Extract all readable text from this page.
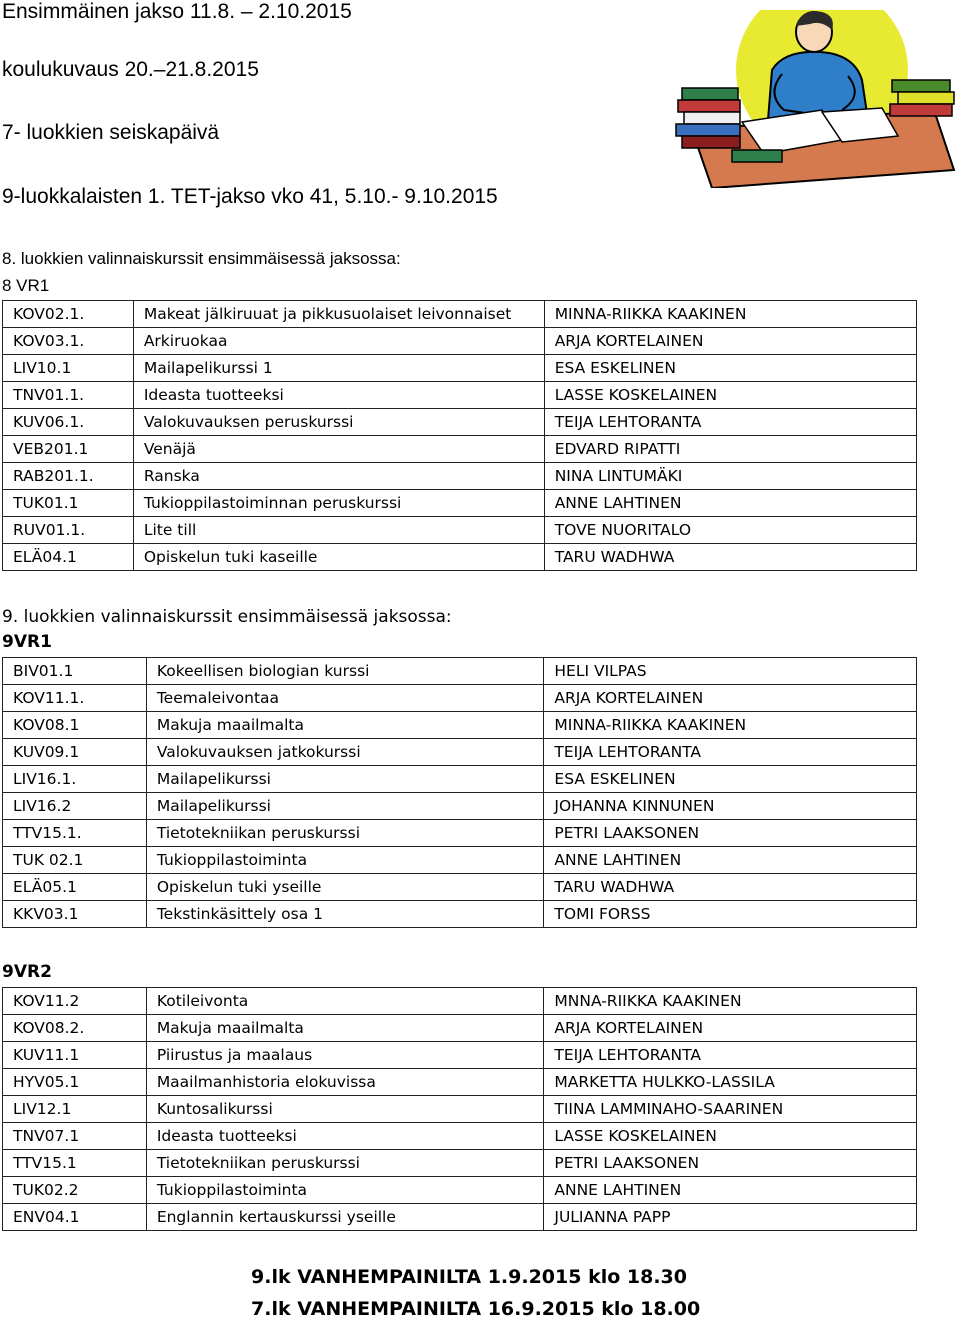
Ensimmäinen jakso 11.8. – 2.10.2015
koulukuvaus 20.–21.8.2015
7- luokkien seiskapäivä
9-luokkalaisten 1. TET-jakso vko 41, 5.10.- 9.10.2015
8. luokkien valinnaiskurssit ensimmäisessä jaksossa:
8 VR1
KOV02.1.	Makeat jälkiruuat ja pikkusuolaiset leivonnaiset	MINNA-RIIKKA KAAKINEN
KOV03.1.	Arkiruokaa	ARJA KORTELAINEN
LIV10.1	Mailapelikurssi 1	ESA ESKELINEN
TNV01.1.	Ideasta tuotteeksi	LASSE KOSKELAINEN
KUV06.1.	Valokuvauksen peruskurssi	TEIJA LEHTORANTA
VEB201.1	Venäjä	EDVARD RIPATTI
RAB201.1.	Ranska	NINA LINTUMÄKI
TUK01.1	Tukioppilastoiminnan peruskurssi	ANNE LAHTINEN
RUV01.1.	Lite till	TOVE NUORITALO
ELÄ04.1	Opiskelun tuki kaseille	TARU WADHWA
9. luokkien valinnaiskurssit ensimmäisessä jaksossa:
9VR1
BIV01.1	Kokeellisen biologian kurssi	HELI VILPAS
KOV11.1.	Teemaleivontaa	ARJA KORTELAINEN
KOV08.1	Makuja maailmalta	MINNA-RIIKKA KAAKINEN
KUV09.1	Valokuvauksen jatkokurssi	TEIJA LEHTORANTA
LIV16.1.	Mailapelikurssi	ESA ESKELINEN
LIV16.2	Mailapelikurssi	JOHANNA KINNUNEN
TTV15.1.	Tietotekniikan peruskurssi	PETRI LAAKSONEN
TUK 02.1	Tukioppilastoiminta	ANNE LAHTINEN
ELÄ05.1	Opiskelun tuki yseille	TARU WADHWA
KKV03.1	Tekstinkäsittely osa 1	TOMI FORSS
9VR2
KOV11.2	Kotileivonta	MNNA-RIIKKA KAAKINEN
KOV08.2.	Makuja maailmalta	ARJA KORTELAINEN
KUV11.1	Piirustus ja maalaus	TEIJA LEHTORANTA
HYV05.1	Maailmanhistoria elokuvissa	MARKETTA HULKKO-LASSILA
LIV12.1	Kuntosalikurssi	TIINA LAMMINAHO-SAARINEN
TNV07.1	Ideasta tuotteeksi	LASSE KOSKELAINEN
TTV15.1	Tietotekniikan peruskurssi	PETRI LAAKSONEN
TUK02.2	Tukioppilastoiminta	ANNE LAHTINEN
ENV04.1	Englannin kertauskurssi yseille	JULIANNA PAPP
9.lk VANHEMPAINILTA 1.9.2015 klo 18.30
7.lk VANHEMPAINILTA 16.9.2015 klo 18.00
